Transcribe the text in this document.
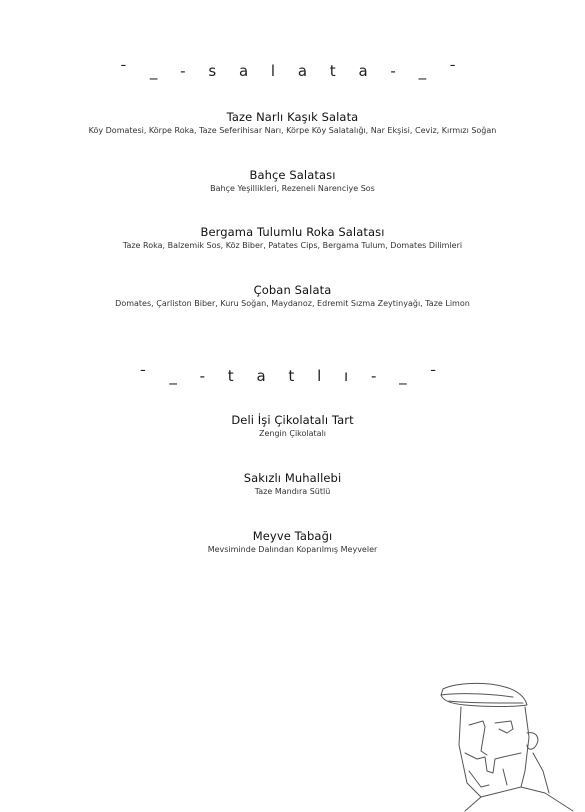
ˉ _ - s a l a t a - _ ˉ
Taze Narlı Kaşık Salata
Köy Domatesi, Körpe Roka, Taze Seferihisar Narı, Körpe Köy Salatalığı, Nar Ekşisi, Ceviz, Kırmızı Soğan
Bahçe Salatası
Bahçe Yeşillikleri, Rezeneli Narenciye Sos
Bergama Tulumlu Roka Salatası
Taze Roka, Balzemik Sos, Köz Biber, Patates Cips, Bergama Tulum, Domates Dilimleri
Çoban Salata
Domates, Çarliston Biber, Kuru Soğan, Maydanoz, Edremit Sızma Zeytinyağı, Taze Limon
ˉ _ - t a t l ı - _ ˉ
Deli İşi Çikolatalı Tart
Zengin Çikolatalı
Sakızlı Muhallebi
Taze Mandıra Sütlü
Meyve Tabağı
Mevsiminde Dalından Koparılmış Meyveler
